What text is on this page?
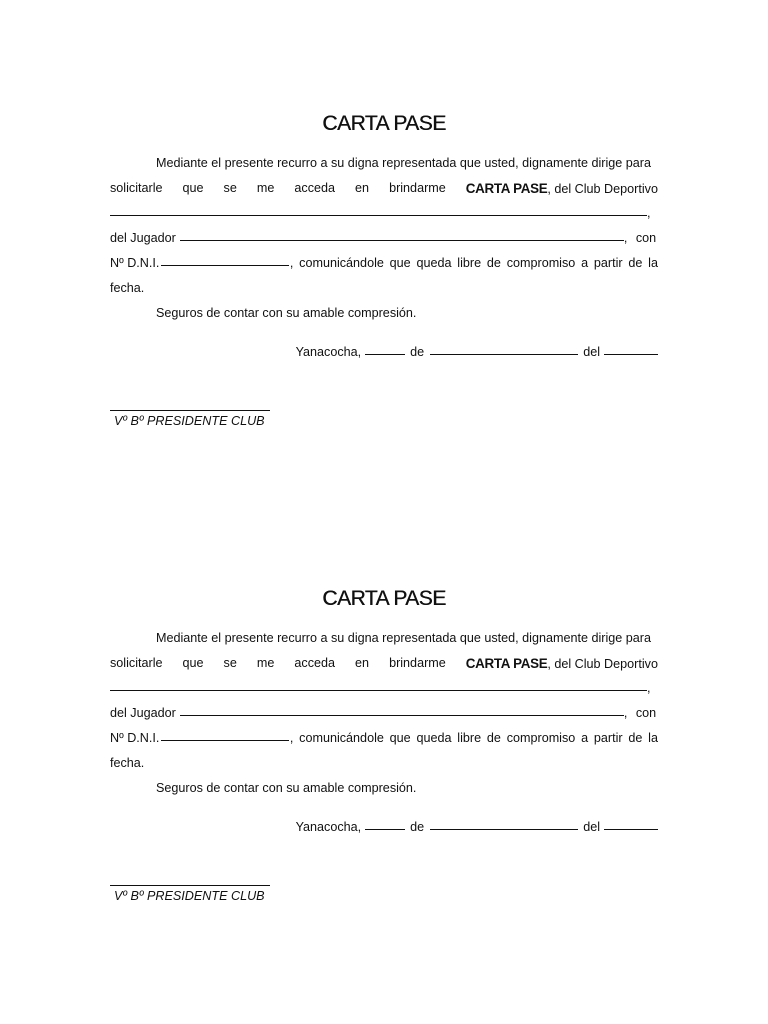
CARTA PASE
Mediante el presente recurro a su digna representada que usted, dignamente dirige para
solicitarle que se me acceda en brindarme CARTA PASE, del Club Deportivo
,
del Jugador	, con
Nº D.N.I.	, comunicándole que queda libre de compromiso a partir de la
fecha.
Seguros de contar con su amable compresión.
Yanacocha,	de	del
Vº Bº PRESIDENTE CLUB
CARTA PASE
Mediante el presente recurro a su digna representada que usted, dignamente dirige para
solicitarle que se me acceda en brindarme CARTA PASE, del Club Deportivo
,
del Jugador	, con
Nº D.N.I.	, comunicándole que queda libre de compromiso a partir de la
fecha.
Seguros de contar con su amable compresión.
Yanacocha,	de	del
Vº Bº PRESIDENTE CLUB
